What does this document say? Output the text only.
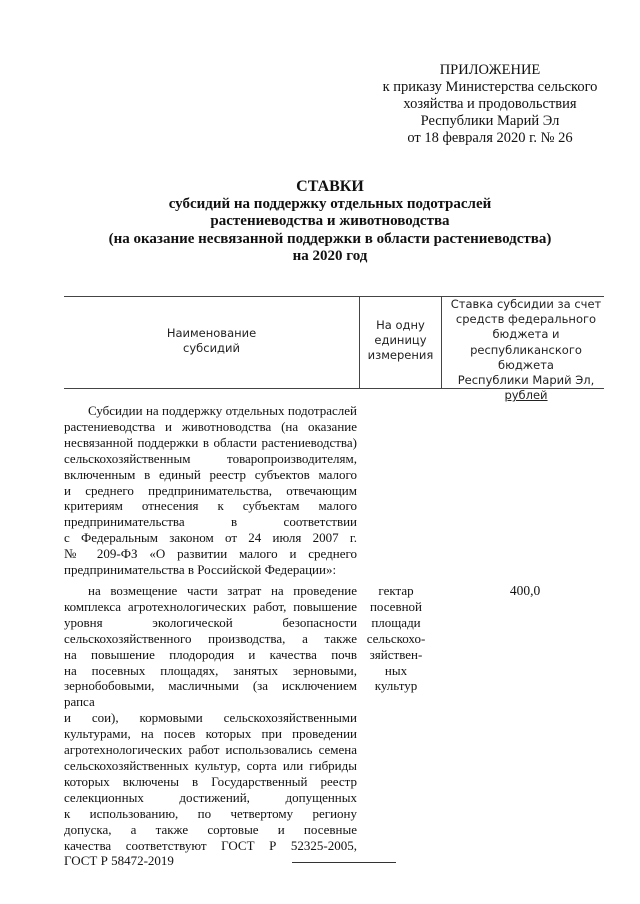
ПРИЛОЖЕНИЕ
к приказу Министерства сельского
хозяйства и продовольствия
Республики Марий Эл
от 18 февраля 2020 г. № 26
СТАВКИ
субсидий на поддержку отдельных подотраслей
растениеводства и животноводства
(на оказание несвязанной поддержки в области растениеводства)
на 2020 год
Наименование
субсидий
На одну
единицу
измерения
Ставка субсидии за счет
средств федерального
бюджета и
республиканского бюджета
Республики Марий Эл,
рублей
Субсидии на поддержку отдельных подотраслей
растениеводства и животноводства (на оказание
несвязанной поддержки в области растениеводства)
сельскохозяйственным товаропроизводителям,
включенным в единый реестр субъектов малого
и среднего предпринимательства, отвечающим
критериям отнесения к субъектам малого
предпринимательства в соответствии
с Федеральным законом от 24 июля 2007 г.
№ 209-ФЗ «О развитии малого и среднего
предпринимательства в Российской Федерации»:
на возмещение части затрат на проведение
комплекса агротехнологических работ, повышение
уровня экологической безопасности
сельскохозяйственного производства, а также
на повышение плодородия и качества почв
на посевных площадях, занятых зерновыми,
зернобобовыми, масличными (за исключением рапса
и сои), кормовыми сельскохозяйственными
культурами, на посев которых при проведении
агротехнологических работ использовались семена
сельскохозяйственных культур, сорта или гибриды
которых включены в Государственный реестр
селекционных достижений, допущенных
к использованию, по четвертому региону
допуска, а также сортовые и посевные
качества соответствуют ГОСТ Р 52325-2005,
ГОСТ Р 58472-2019
гектар
посевной
площади
сельскохо-
зяйствен-
ных
культур
400,0
